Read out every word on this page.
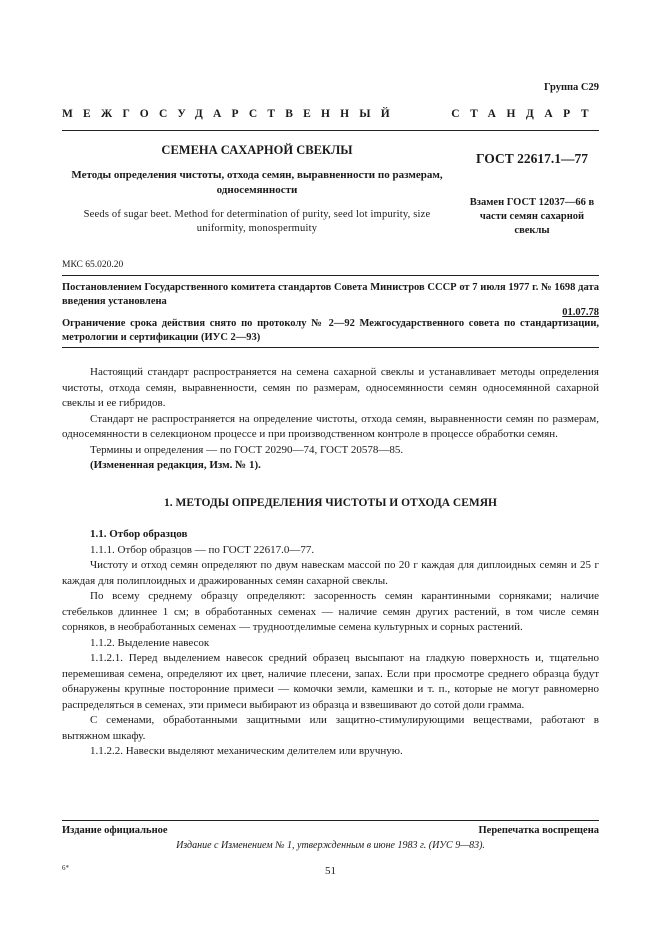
Группа С29
МЕЖГОСУДАРСТВЕННЫЙ	СТАНДАРТ
СЕМЕНА САХАРНОЙ СВЕКЛЫ
Методы определения чистоты, отхода семян, выравненности по размерам, односемянности
Seeds of sugar beet. Method for determination of purity, seed lot impurity, size uniformity, monospermuity
ГОСТ 22617.1—77
Взамен ГОСТ 12037—66 в части семян сахарной свеклы
МКС 65.020.20
Постановлением Государственного комитета стандартов Совета Министров СССР от 7 июля 1977 г. № 1698 дата введения установлена
01.07.78
Ограничение срока действия снято по протоколу № 2—92 Межгосударственного совета по стандартизации, метрологии и сертификации (ИУС 2—93)

Настоящий стандарт распространяется на семена сахарной свеклы и устанавливает методы определения чистоты, отхода семян, выравненности, семян по размерам, односемянности семян односемянной сахарной свеклы и ее гибридов.

Стандарт не распространяется на определение чистоты, отхода семян, выравненности семян по размерам, односемянности в селекционом процессе и при производственном контроле в процессе обработки семян.

Термины и определения — по ГОСТ 20290—74, ГОСТ 20578—85.

(Измененная редакция, Изм. № 1).

1. МЕТОДЫ ОПРЕДЕЛЕНИЯ ЧИСТОТЫ И ОТХОДА СЕМЯН

1.1. Отбор образцов

1.1.1. Отбор образцов — по ГОСТ 22617.0—77.

Чистоту и отход семян определяют по двум навескам массой по 20 г каждая для диплоидных семян и 25 г каждая для полиплоидных и дражированных семян сахарной свеклы.

По всему среднему образцу определяют: засоренность семян карантинными сорняками; наличие стебельков длиннее 1 см; в обработанных семенах — наличие семян других растений, в том числе семян сорняков, в необработанных семенах — трудноотделимые семена культурных и сорных растений.

1.1.2. Выделение навесок

1.1.2.1. Перед выделением навесок средний образец высыпают на гладкую поверхность и, тщательно перемешивая семена, определяют их цвет, наличие плесени, запах. Если при просмотре среднего образца будут обнаружены крупные посторонние примеси — комочки земли, камешки и т. п., которые не могут равномерно распределяться в семенах, эти примеси выбирают из образца и взвешивают до сотой доли грамма.

С семенами, обработанными защитными или защитно-стимулирующими веществами, работают в вытяжном шкафу.

1.1.2.2. Навески выделяют механическим делителем или вручную.

Издание официальное	Перепечатка воспрещена
Издание с Изменением № 1, утвержденным в июне 1983 г. (ИУС 9—83).
6*	51
